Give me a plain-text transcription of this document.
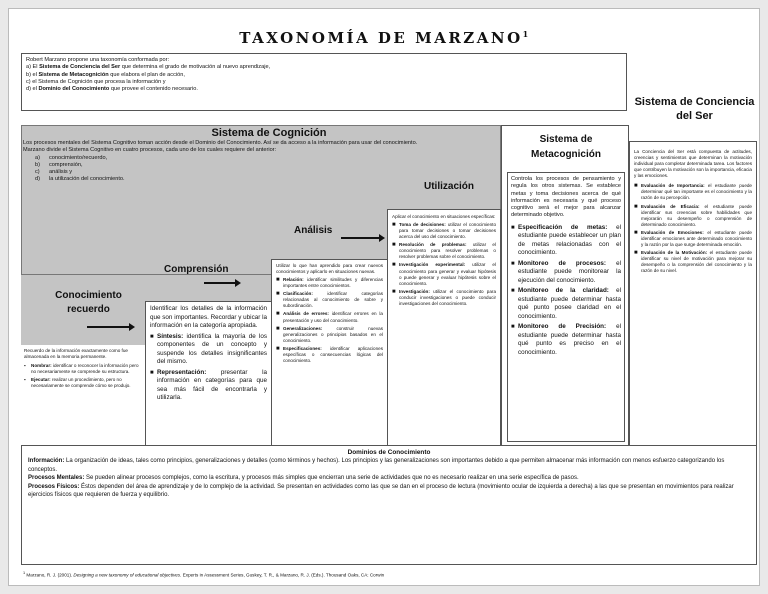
TAXONOMÍA DE MARZANO$^1$
Robert Marzano propone una taxonomía conformada por:
a) El Sistema de Conciencia del Ser que determina el grado de motivación al nuevo aprendizaje,
b) el Sistema de Metacognición que elabora el plan de acción,
c) el Sistema de Cognición que procesa la información y
d) el Dominio del Conocimiento que provee el contenido necesario.
Sistema de Conciencia del Ser
Sistema de Cognición
Los procesos mentales del Sistema Cognitivo toman acción desde el Dominio del Conocimiento. Así se da acceso a la información para usar del conocimiento.
Marzano divide el Sistema Cognitivo en cuatro procesos, cada uno de los cuales requiere del anterior:
a)	conocimiento/recuerdo,
b)	comprensión,
c)	análisis y
d)	la utilización del conocimiento.
Utilización
Análisis
Comprensión
Conocimiento recuerdo
Recuerdo de la información exactamente como fue almacenada en la memoria permanente.
▪ Nombrar: identificar o reconocer la información pero no necesariamente se comprende su estructura.
▪ Ejecutar: realizar un procedimiento, pero no necesariamente se comprende cómo se produjo.
Identificar los detalles de la información que son importantes. Recordar y ubicar la información en la categoría apropiada.
■ Síntesis: identifica la mayoría de los componentes de un concepto y suspende los detalles insignificantes del mismo.
■ Representación: presentar la información en categorías para que sea más fácil de encontrarla y utilizarla.
Utilizar lo que han aprendido para crear nuevos conocimientos y aplicarlo en situaciones nuevas.
■ Relación: identificar similitudes y diferencias importantes entre conocimientos.
■ Clasificación: identificar categorías relacionadas al conocimiento de sobre y subordinación.
■ Análisis de errores: identificar errores en la presentación y uso del conocimiento.
■ Generalizaciones: construir nuevas generalizaciones o principios basados en el conocimiento.
■ Especificaciones: identificar aplicaciones específicas o consecuencias lógicas del conocimiento.
Aplicar el conocimiento en situaciones específicas:
■ Toma de decisiones: utilizar el conocimiento para tomar decisiones o tomar decisiones acerca del uso del conocimiento.
■ Resolución de problemas: utilizar el conocimiento para resolver problemas o resolver problemas sobre el conocimiento.
■ Investigación experimental: utilizar el conocimiento para generar y evaluar hipótesis o puede generar y evaluar hipótesis sobre el conocimiento.
■ Investigación: utilizar el conocimiento para conducir investigaciones o puede conducir investigaciones del conocimiento.
Sistema de Metacognición
Controla los procesos de pensamiento y regula los otros sistemas. Se establece metas y toma decisiones acerca de qué información es necesaria y qué proceso cognitivo será el mejor para alcanzar determinado objetivo.
■ Especificación de metas: el estudiante puede establecer un plan de metas relacionadas con el conocimiento.
■ Monitoreo de procesos: el estudiante puede monitorear la ejecución del conocimiento.
■ Monitoreo de la claridad: el estudiante puede determinar hasta qué punto posee claridad en el conocimiento.
■ Monitoreo de Precisión: el estudiante puede determinar hasta qué punto es preciso en el conocimiento.
La Conciencia del Ser está compuesta de actitudes, creencias y sentimientos que determinan la motivación individual para completar determinada tarea. Los factores que contribuyen la motivación son la importancia, eficacia y las emociones.
■ Evaluación de Importancia: el estudiante puede determinar qué tan importante es el conocimiento y la razón de su percepción.
■ Evaluación de Eficacia: el estudiante puede identificar sus creencias sobre habilidades que mejorarán su desempeño o comprensión de determinado conocimiento.
■ Evaluación de Emociones: el estudiante puede identificar emociones ante determinado conocimiento y la razón por la que surge determinada emoción.
■ Evaluación de la Motivación: el estudiante puede identificar su nivel de motivación para mejorar su desempeño o la comprensión del conocimiento y la razón de su nivel.
Dominios de Conocimiento
Información: La organización de ideas, tales como principios, generalizaciones y detalles (como términos y hechos). Los principios y las generalizaciones son importantes debido a que permiten almacenar más información con menos esfuerzo categorizando los conceptos.
Procesos Mentales: Se pueden alinear procesos complejos, como la escritura, y procesos más simples que encierran una serie de actividades que no es necesario realizar en una serie específica de pasos.
Procesos Físicos: Éstos dependen del área de aprendizaje y de lo complejo de la actividad. Se presentan en actividades como las que se dan en el proceso de lectura (movimiento ocular de izquierda a derecha) a las que se presentan en movimientos para realizar ejercicios físicos que requieren de fuerza y equilibrio.
$^1$ Marzano, R. J. (2001). Designing a new taxonomy of educational objectives. Experts in Assessment Series, Guskey, T. R., & Marzano, R. J. (Eds.). Thousand Oaks, CA: Corwin
